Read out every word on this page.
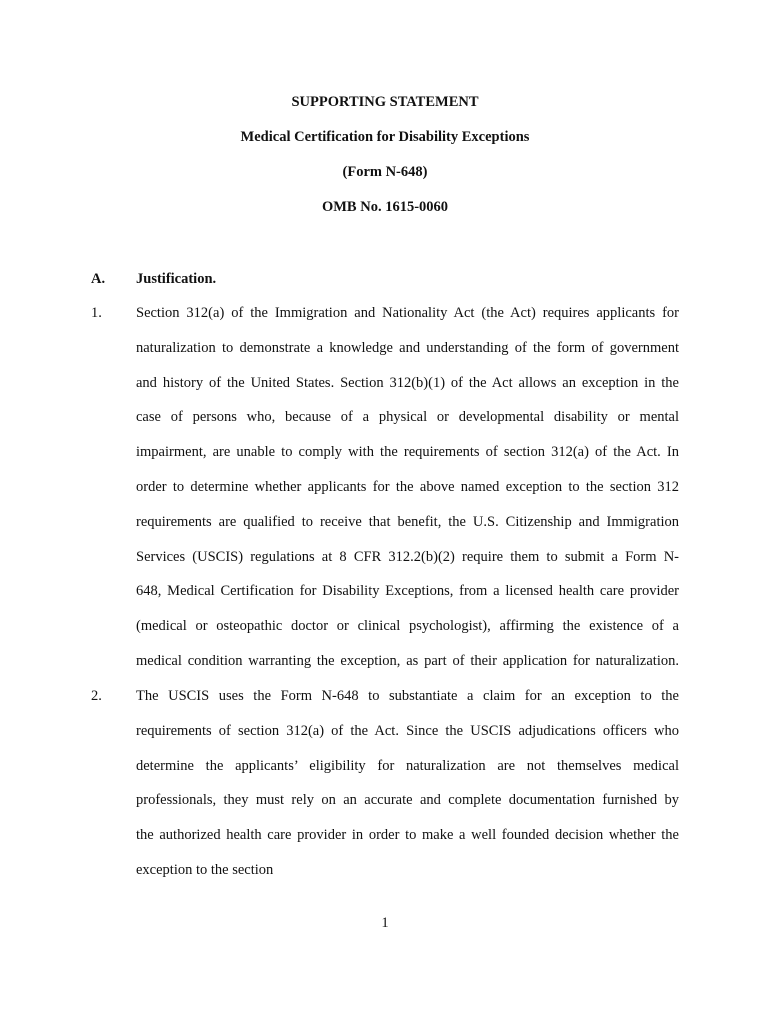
SUPPORTING STATEMENT
Medical Certification for Disability Exceptions
(Form N-648)
OMB No. 1615-0060
A. Justification.
1. Section 312(a) of the Immigration and Nationality Act (the Act) requires applicants for
naturalization to demonstrate a knowledge and understanding of the form of government
and history of the United States. Section 312(b)(1) of the Act allows an exception in the
case of persons who, because of a physical or developmental disability or mental
impairment, are unable to comply with the requirements of section 312(a) of the Act. In
order to determine whether applicants for the above named exception to the section 312
requirements are qualified to receive that benefit, the U.S. Citizenship and Immigration
Services (USCIS) regulations at 8 CFR 312.2(b)(2) require them to submit a Form N-
648, Medical Certification for Disability Exceptions, from a licensed health care provider
(medical or osteopathic doctor or clinical psychologist), affirming the existence of a
medical condition warranting the exception, as part of their application for naturalization.
2. The USCIS uses the Form N-648 to substantiate a claim for an exception to the
requirements of section 312(a) of the Act. Since the USCIS adjudications officers who
determine the applicants’ eligibility for naturalization are not themselves medical
professionals, they must rely on an accurate and complete documentation furnished by
the authorized health care provider in order to make a well founded decision whether the
exception to the section
1
